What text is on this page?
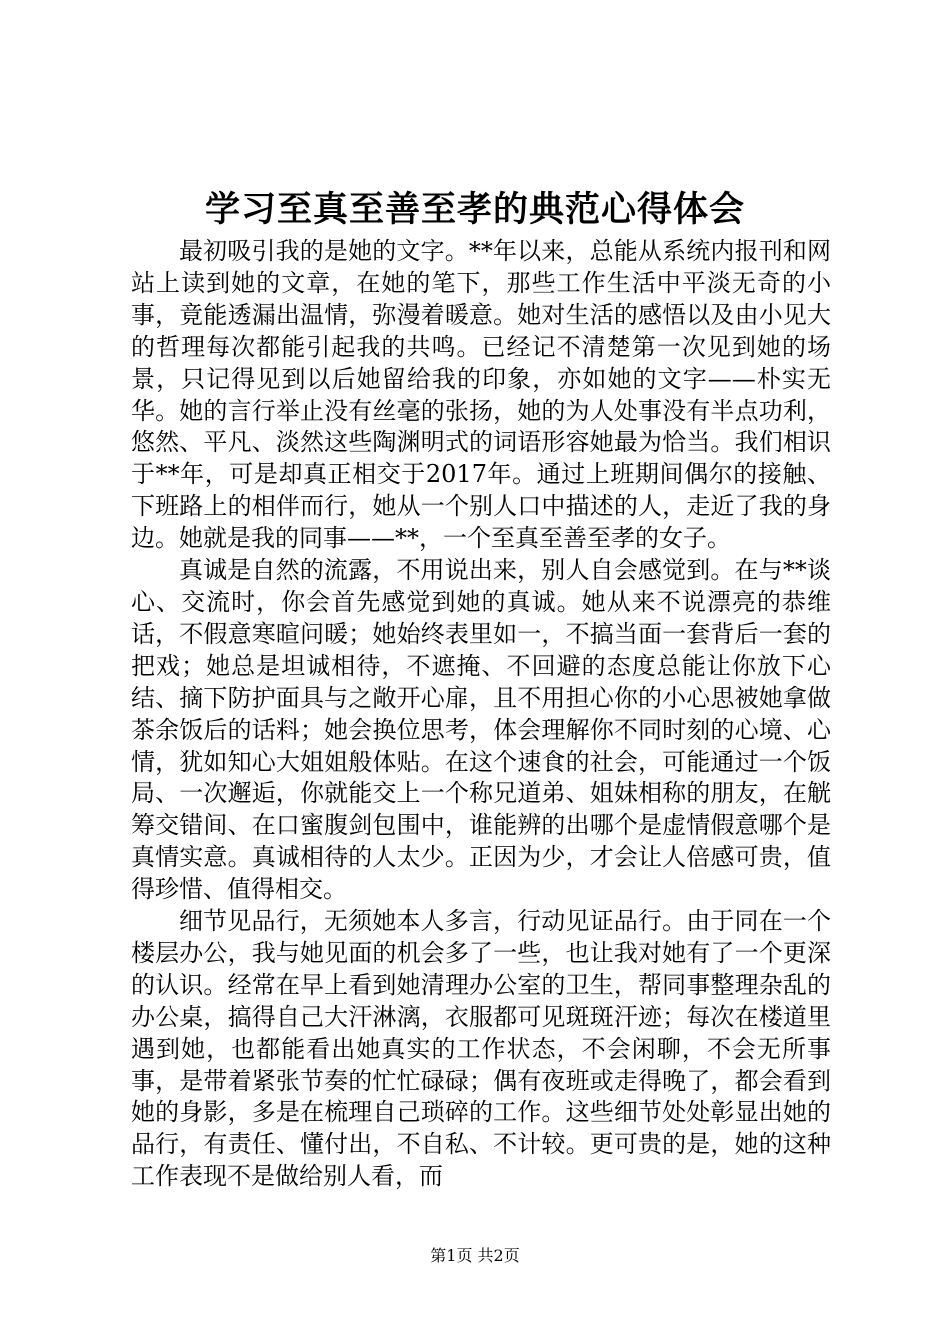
学习至真至善至孝的典范心得体会

最初吸引我的是她的文字。**年以来，总能从系统内报刊和网站上读到她的文章，在她的笔下，那些工作生活中平淡无奇的小事，竟能透漏出温情，弥漫着暖意。她对生活的感悟以及由小见大的哲理每次都能引起我的共鸣。已经记不清楚第一次见到她的场景，只记得见到以后她留给我的印象，亦如她的文字——朴实无华。她的言行举止没有丝毫的张扬，她的为人处事没有半点功利，悠然、平凡、淡然这些陶渊明式的词语形容她最为恰当。我们相识于**年，可是却真正相交于2017年。通过上班期间偶尔的接触、下班路上的相伴而行，她从一个别人口中描述的人，走近了我的身边。她就是我的同事——**，一个至真至善至孝的女子。

真诚是自然的流露，不用说出来，别人自会感觉到。在与**谈心、交流时，你会首先感觉到她的真诚。她从来不说漂亮的恭维话，不假意寒暄问暖；她始终表里如一，不搞当面一套背后一套的把戏；她总是坦诚相待，不遮掩、不回避的态度总能让你放下心结、摘下防护面具与之敞开心扉，且不用担心你的小心思被她拿做茶余饭后的话料；她会换位思考，体会理解你不同时刻的心境、心情，犹如知心大姐姐般体贴。在这个速食的社会，可能通过一个饭局、一次邂逅，你就能交上一个称兄道弟、姐妹相称的朋友，在觥筹交错间、在口蜜腹剑包围中，谁能辨的出哪个是虚情假意哪个是真情实意。真诚相待的人太少。正因为少，才会让人倍感可贵，值得珍惜、值得相交。

细节见品行，无须她本人多言，行动见证品行。由于同在一个楼层办公，我与她见面的机会多了一些，也让我对她有了一个更深的认识。经常在早上看到她清理办公室的卫生，帮同事整理杂乱的办公桌，搞得自己大汗淋漓，衣服都可见斑斑汗迹；每次在楼道里遇到她，也都能看出她真实的工作状态，不会闲聊，不会无所事事，是带着紧张节奏的忙忙碌碌；偶有夜班或走得晚了，都会看到她的身影，多是在梳理自己琐碎的工作。这些细节处处彰显出她的品行，有责任、懂付出，不自私、不计较。更可贵的是，她的这种工作表现不是做给别人看，而

第1页 共2页
